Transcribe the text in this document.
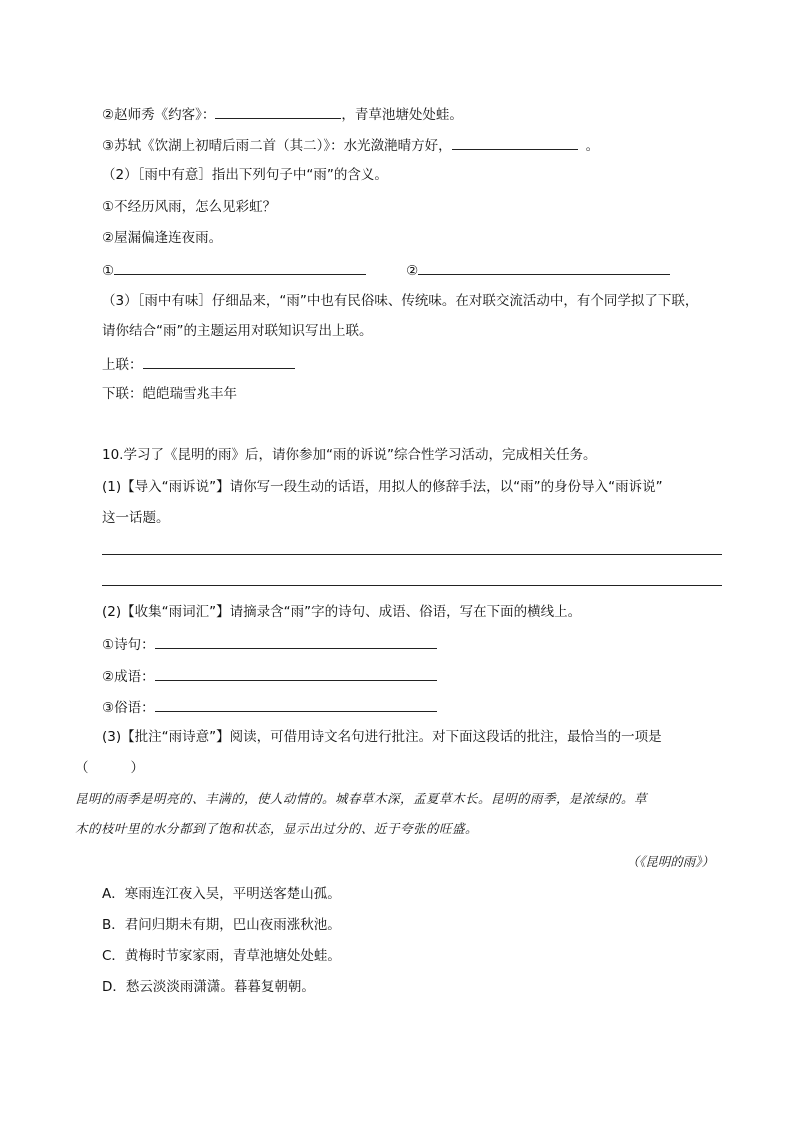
②赵师秀《约客》：	，青草池塘处处蛙。
③苏轼《饮湖上初晴后雨二首（其二）》：水光潋滟晴方好，	。
（2）［雨中有意］指出下列句子中“雨”的含义。
①不经历风雨，怎么见彩虹？
②屋漏偏逢连夜雨。
①	②
（3）［雨中有味］仔细品来，“雨”中也有民俗味、传统味。在对联交流活动中，有个同学拟了下联，
请你结合“雨”的主题运用对联知识写出上联。
上联：
下联：皑皑瑞雪兆丰年
10.学习了《昆明的雨》后，请你参加“雨的诉说”综合性学习活动，完成相关任务。
(1)【导入“雨诉说”】请你写一段生动的话语，用拟人的修辞手法，以“雨”的身份导入“雨诉说”
这一话题。
(2)【收集“雨词汇”】请摘录含“雨”字的诗句、成语、俗语，写在下面的横线上。
①诗句：
②成语：
③俗语：
(3)【批注“雨诗意”】阅读，可借用诗文名句进行批注。对下面这段话的批注，最恰当的一项是
（	）
昆明的雨季是明亮的、丰满的，使人动情的。城春草木深，孟夏草木长。昆明的雨季，是浓绿的。草
木的枝叶里的水分都到了饱和状态，显示出过分的、近于夸张的旺盛。
（《昆明的雨》）
A．寒雨连江夜入吴，平明送客楚山孤。
B．君问归期未有期，巴山夜雨涨秋池。
C．黄梅时节家家雨，青草池塘处处蛙。
D．愁云淡淡雨潇潇。暮暮复朝朝。
